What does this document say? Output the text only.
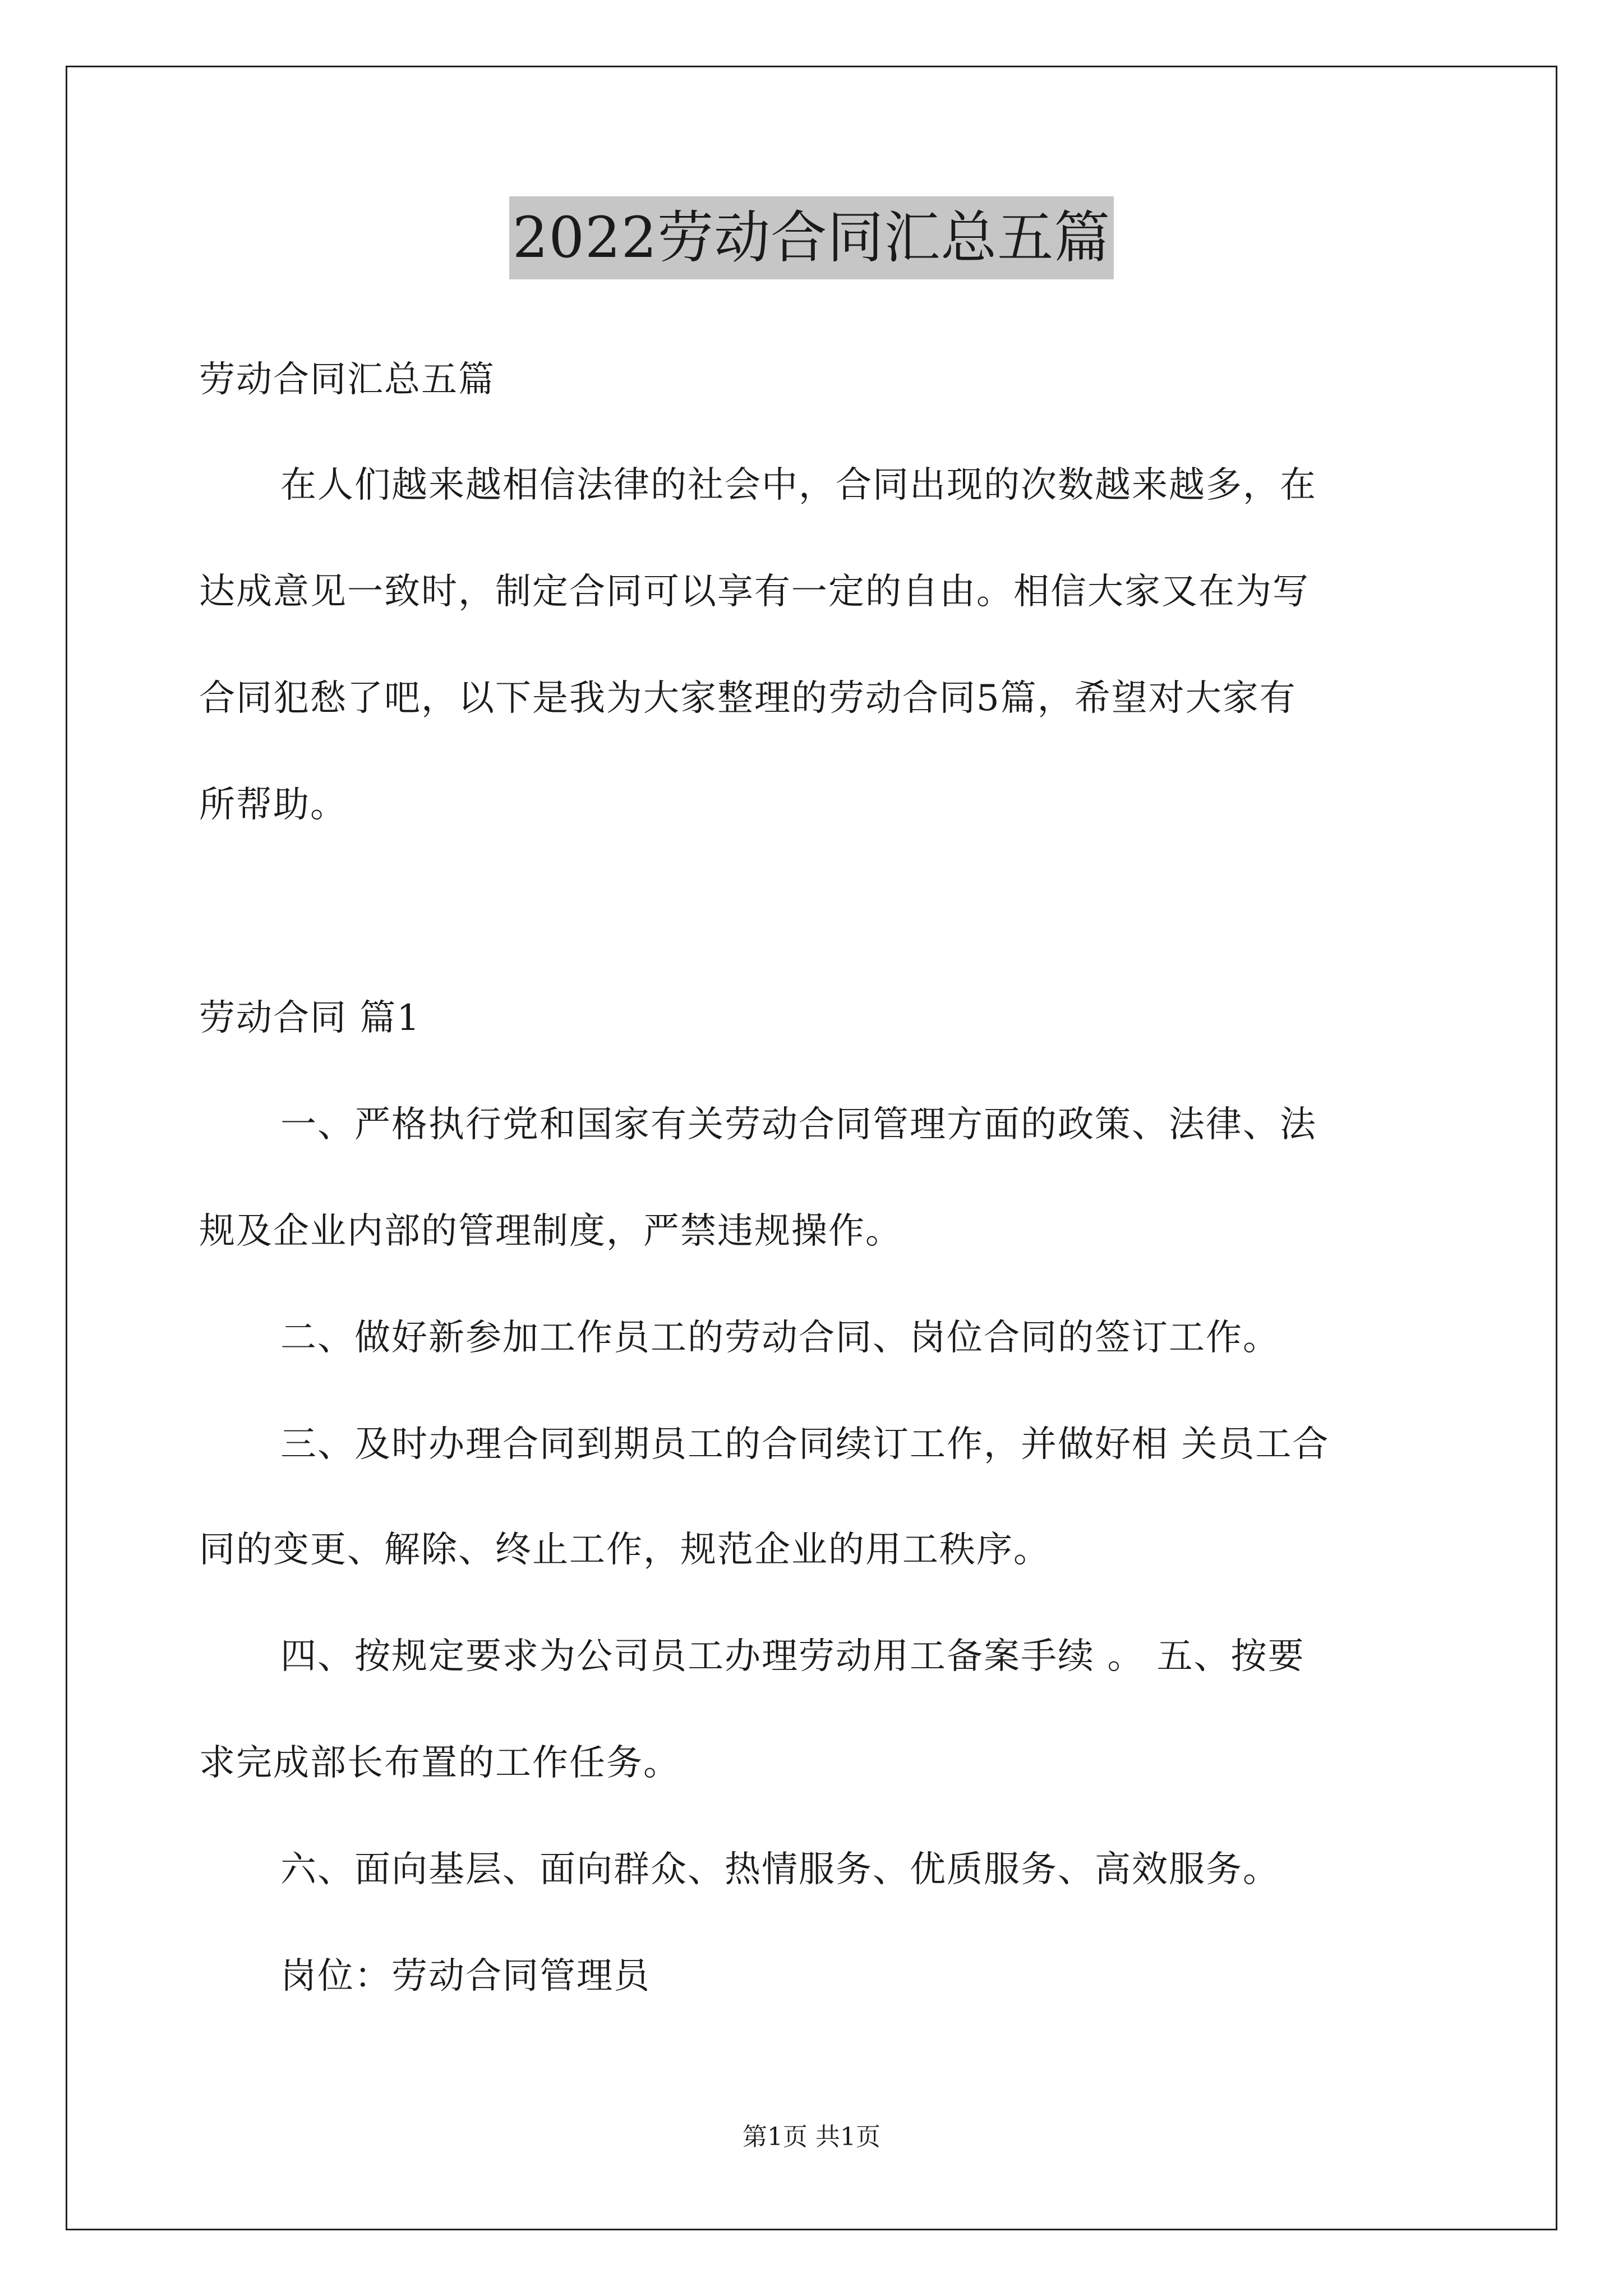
2022劳动合同汇总五篇
劳动合同汇总五篇
在人们越来越相信法律的社会中，合同出现的次数越来越多，在
达成意见一致时，制定合同可以享有一定的自由。相信大家又在为写
合同犯愁了吧，以下是我为大家整理的劳动合同5篇，希望对大家有
所帮助。
劳动合同 篇1
一、严格执行党和国家有关劳动合同管理方面的政策、法律、法
规及企业内部的管理制度，严禁违规操作。
二、做好新参加工作员工的劳动合同、岗位合同的签订工作。
三、及时办理合同到期员工的合同续订工作，并做好相 关员工合
同的变更、解除、终止工作，规范企业的用工秩序。
四、按规定要求为公司员工办理劳动用工备案手续 。 五、按要
求完成部长布置的工作任务。
六、面向基层、面向群众、热情服务、优质服务、高效服务。
岗位：劳动合同管理员
第1页 共1页
